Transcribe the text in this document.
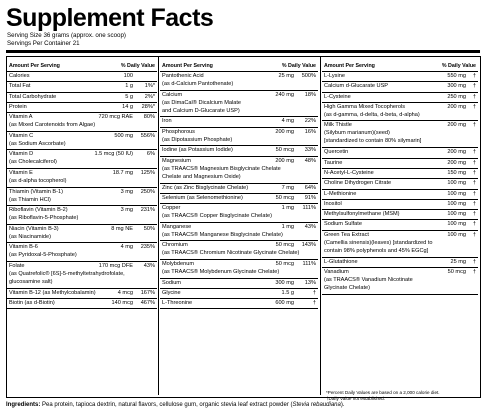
Supplement Facts
Serving Size 36 grams (approx. one scoop)
Servings Per Container 21
Amount Per Serving	% Daily Value
Calories	100
Total Fat	1 g 1%*
Total Carbohydrate	5 g 2%*
Protein	14 g 28%*
Vitamin A	720 mcg RAE 80%
(as Mixed Carotenoids from Algae)
Vitamin C	500 mg 556%
(as Sodium Ascorbate)
Vitamin D	1.5 mcg (50 IU) 6%
(as Cholecalciferol)
Vitamin E	18.7 mg 125%
(as d-alpha tocopherol)
Thiamin (Vitamin B-1)	3 mg 250%
(as Thiamin HCl)
Riboflavin (Vitamin B-2)	3 mg 231%
(as Riboflavin-5-Phosphate)
Niacin (Vitamin B-3)	8 mg NE 50%
(as Niacinamide)
Vitamin B-6	4 mg 235%
(as Pyridoxal-5-Phosphate)
Folate	170 mcg DFE 43%
(as Quatrefolic® [6S]-5-methyltetrahydrofolate,
glucosamine salt)
Vitamin B-12 (as Methylcobalamin)	4 mcg 167%
Biotin (as d-Biotin)	140 mcg 467%
Amount Per Serving	% Daily Value
Pantothenic Acid	25 mg 500%
(as d-Calcium Pantothenate)
Calcium	240 mg 18%
(as DimaCal® Dicalcium Malate
and Calcium D-Glucarate USP)
Iron	4 mg 22%
Phosphorous	200 mg 16%
(as Dipotassium Phosphate)
Iodine (as Potassium Iodide)	50 mcg 33%
Magnesium	200 mg 48%
(as TRAACS® Magnesium Bisglycinate Chelate
Chelate and Magnesium Oxide)
Zinc (as Zinc Bisglycinate Chelate)	7 mg 64%
Selenium (as Selenomethionine)	50 mcg 91%
Copper	1 mg 111%
(as TRAACS® Copper Bisglycinate Chelate)
Manganese	1 mg 43%
(as TRAACS® Manganese Bisglycinate Chelate)
Chromium	50 mcg 143%
(as TRAACS® Chromium Nicotinate Glycinate Chelate)
Molybdenum	50 mcg 111%
(as TRAACS® Molybdenum Glycinate Chelate)
Sodium	300 mg 13%
Glycine	1.5 g	†
L-Threonine	600 mg	†
Amount Per Serving	% Daily Value
L-Lysine	550 mg †
Calcium d-Glucarate USP	300 mg †
L-Cysteine	250 mg †
High Gamma Mixed Tocopherols	200 mg †
(as d-gamma, d-delta, d-beta, d-alpha)
Milk Thistle	200 mg †
(Silybum marianum)(seed)
[standardized to contain 80% silymarin]
Quercetin	200 mg †
Taurine	200 mg †
N-Acetyl-L-Cysteine	150 mg †
Choline Dihydrogen Citrate	100 mg †
L-Methionine	100 mg †
Inositol	100 mg †
Methylsulfonylmethane (MSM)	100 mg †
Sodium Sulfate	100 mg †
Green Tea Extract	100 mg †
(Camellia sinensis)(leaves) [standardized to
contain 98% polyphenols and 45% EGCg]
L-Glutathione	25 mg †
Vanadium	50 mcg †
(as TRAACS® Vanadium Nicotinate
Glycinate Chelate)
*Percent Daily Values are based on a 2,000 calorie diet.
†Daily Value not established.
Ingredients: Pea protein, tapioca dextrin, natural flavors, cellulose gum, organic stevia leaf extract powder (Stevia rebaudiana).
